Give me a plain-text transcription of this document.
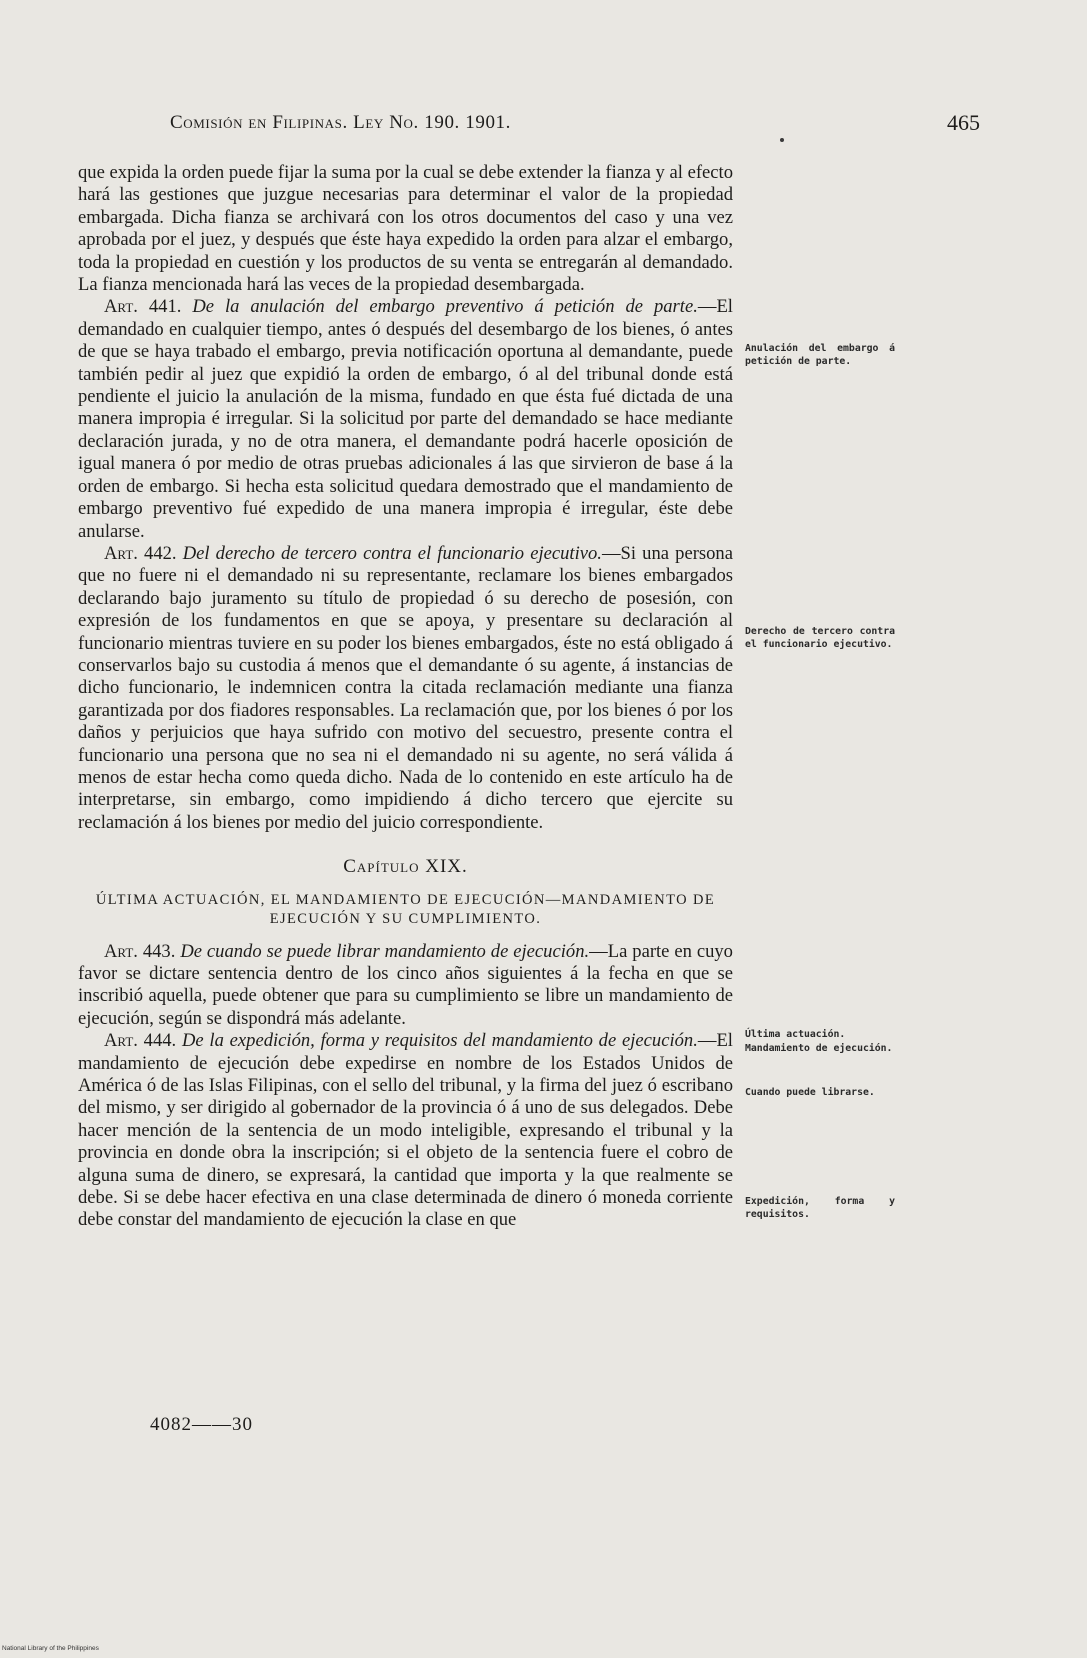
Comisión en Filipinas. Ley No. 190. 1901.	465

que expida la orden puede fijar la suma por la cual se debe extender la fianza y al efecto hará las gestiones que juzgue necesarias para determinar el valor de la propiedad embargada. Dicha fianza se archivará con los otros documentos del caso y una vez aprobada por el juez, y después que éste haya expedido la orden para alzar el embargo, toda la propiedad en cuestión y los productos de su venta se entregarán al demandado. La fianza mencionada hará las veces de la propiedad desembargada.

Art. 441. De la anulación del embargo preventivo á petición de parte.—El demandado en cualquier tiempo, antes ó después del desembargo de los bienes, ó antes de que se haya trabado el embargo, previa notificación oportuna al demandante, puede también pedir al juez que expidió la orden de embargo, ó al del tribunal donde está pendiente el juicio la anulación de la misma, fundado en que ésta fué dictada de una manera impropia é irregular. Si la solicitud por parte del demandado se hace mediante declaración jurada, y no de otra manera, el demandante podrá hacerle oposición de igual manera ó por medio de otras pruebas adicionales á las que sirvieron de base á la orden de embargo. Si hecha esta solicitud quedara demostrado que el mandamiento de embargo preventivo fué expedido de una manera impropia é irregular, éste debe anularse.

Art. 442. Del derecho de tercero contra el funcionario ejecutivo.—Si una persona que no fuere ni el demandado ni su representante, reclamare los bienes embargados declarando bajo juramento su título de propiedad ó su derecho de posesión, con expresión de los fundamentos en que se apoya, y presentare su declaración al funcionario mientras tuviere en su poder los bienes embargados, éste no está obligado á conservarlos bajo su custodia á menos que el demandante ó su agente, á instancias de dicho funcionario, le indemnicen contra la citada reclamación mediante una fianza garantizada por dos fiadores responsables. La reclamación que, por los bienes ó por los daños y perjuicios que haya sufrido con motivo del secuestro, presente contra el funcionario una persona que no sea ni el demandado ni su agente, no será válida á menos de estar hecha como queda dicho. Nada de lo contenido en este artículo ha de interpretarse, sin embargo, como impidiendo á dicho tercero que ejercite su reclamación á los bienes por medio del juicio correspondiente.

Capítulo XIX.
ÚLTIMA ACTUACIÓN, EL MANDAMIENTO DE EJECUCIÓN—MANDAMIENTO DE EJECUCIÓN Y SU CUMPLIMIENTO.

Art. 443. De cuando se puede librar mandamiento de ejecución.—La parte en cuyo favor se dictare sentencia dentro de los cinco años siguientes á la fecha en que se inscribió aquella, puede obtener que para su cumplimiento se libre un mandamiento de ejecución, según se dispondrá más adelante.

Art. 444. De la expedición, forma y requisitos del mandamiento de ejecución.—El mandamiento de ejecución debe expedirse en nombre de los Estados Unidos de América ó de las Islas Filipinas, con el sello del tribunal, y la firma del juez ó escribano del mismo, y ser dirigido al gobernador de la provincia ó á uno de sus delegados. Debe hacer mención de la sentencia de un modo inteligible, expresando el tribunal y la provincia en donde obra la inscripción; si el objeto de la sentencia fuere el cobro de alguna suma de dinero, se expresará, la cantidad que importa y la que realmente se debe. Si se debe hacer efectiva en una clase determinada de dinero ó moneda corriente debe constar del mandamiento de ejecución la clase en que

Anulación del embargo á petición de parte.
Derecho de tercero contra el funcionario ejecutivo.
Última actuación.
Mandamiento de ejecución.
Cuando puede librarse.
Expedición, forma y requisitos.
4082——30
National Library of the Philippines
